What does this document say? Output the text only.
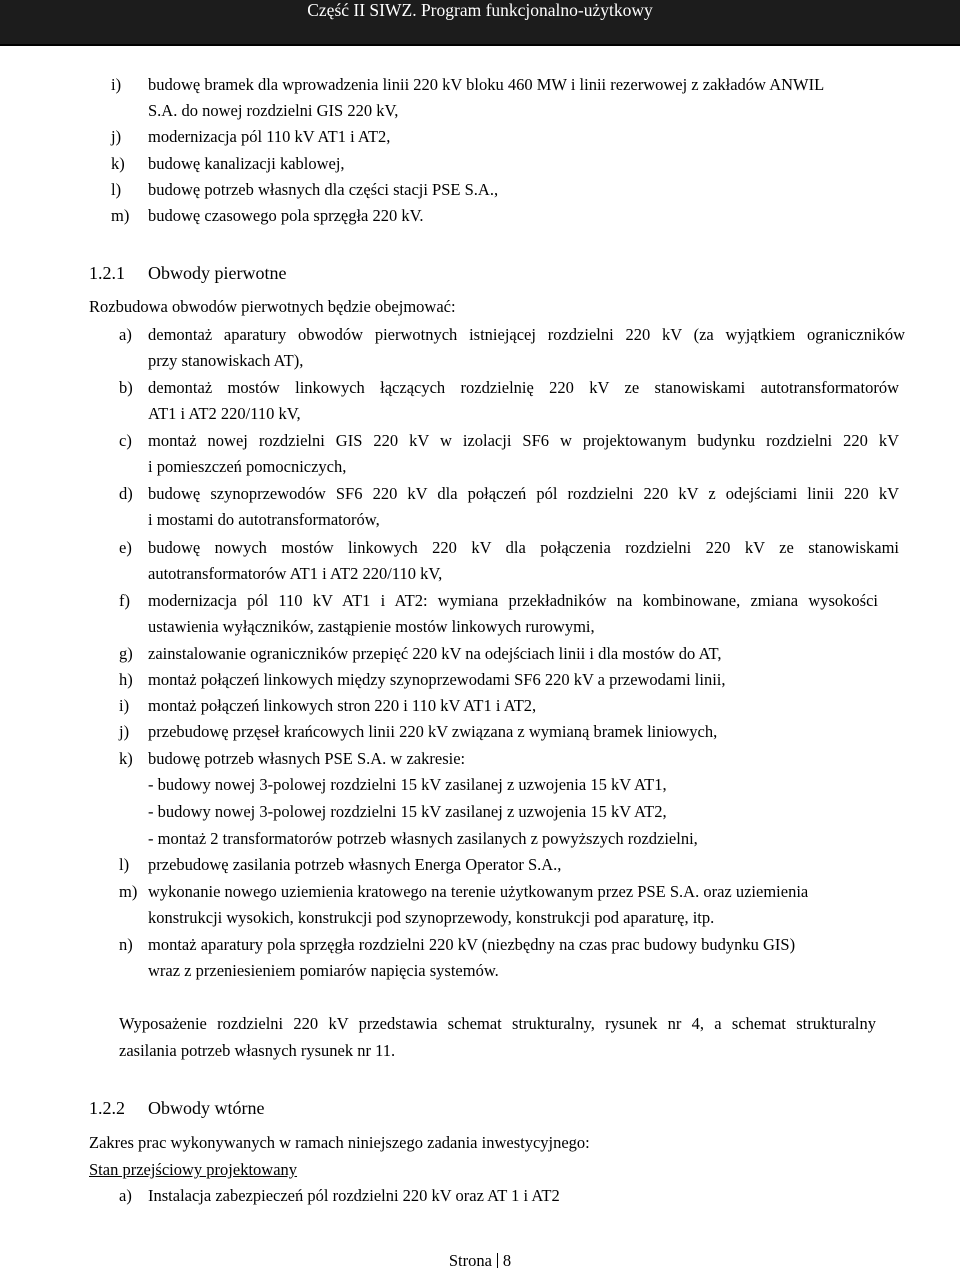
Część II SIWZ. Program funkcjonalno-użytkowy
i) budowę bramek dla wprowadzenia linii 220 kV bloku 460 MW i linii rezerwowej z zakładów ANWIL
S.A. do nowej rozdzielni GIS 220 kV,
j) modernizacja pól 110 kV AT1 i AT2,
k) budowę kanalizacji kablowej,
l) budowę potrzeb własnych dla części stacji PSE S.A.,
m) budowę czasowego pola sprzęgła 220 kV.
1.2.1 Obwody pierwotne
Rozbudowa obwodów pierwotnych będzie obejmować:
a) demontaż aparatury obwodów pierwotnych istniejącej rozdzielni 220 kV (za wyjątkiem ograniczników
przy stanowiskach AT),
b) demontaż mostów linkowych łączących rozdzielnię 220 kV ze stanowiskami autotransformatorów
AT1 i AT2 220/110 kV,
c) montaż nowej rozdzielni GIS 220 kV w izolacji SF6 w projektowanym budynku rozdzielni 220 kV
i pomieszczeń pomocniczych,
d) budowę szynoprzewodów SF6 220 kV dla połączeń pól rozdzielni 220 kV z odejściami linii 220 kV
i mostami do autotransformatorów,
e) budowę nowych mostów linkowych 220 kV dla połączenia rozdzielni 220 kV ze stanowiskami
autotransformatorów AT1 i AT2 220/110 kV,
f) modernizacja pól 110 kV AT1 i AT2: wymiana przekładników na kombinowane, zmiana wysokości
ustawienia wyłączników, zastąpienie mostów linkowych rurowymi,
g) zainstalowanie ograniczników przepięć 220 kV na odejściach linii i dla mostów do AT,
h) montaż połączeń linkowych między szynoprzewodami SF6 220 kV a przewodami linii,
i) montaż połączeń linkowych stron 220 i 110 kV AT1 i AT2,
j) przebudowę przęseł krańcowych linii 220 kV związana z wymianą bramek liniowych,
k) budowę potrzeb własnych PSE S.A. w zakresie:
- budowy nowej 3-polowej rozdzielni 15 kV zasilanej z uzwojenia 15 kV AT1,
- budowy nowej 3-polowej rozdzielni 15 kV zasilanej z uzwojenia 15 kV AT2,
- montaż 2 transformatorów potrzeb własnych zasilanych z powyższych rozdzielni,
l) przebudowę zasilania potrzeb własnych Energa Operator S.A.,
m) wykonanie nowego uziemienia kratowego na terenie użytkowanym przez PSE S.A. oraz uziemienia
konstrukcji wysokich, konstrukcji pod szynoprzewody, konstrukcji pod aparaturę, itp.
n) montaż aparatury pola sprzęgła rozdzielni 220 kV (niezbędny na czas prac budowy budynku GIS)
wraz z przeniesieniem pomiarów napięcia systemów.
Wyposażenie rozdzielni 220 kV przedstawia schemat strukturalny, rysunek nr 4, a schemat strukturalny
zasilania potrzeb własnych rysunek nr 11.
1.2.2 Obwody wtórne
Zakres prac wykonywanych w ramach niniejszego zadania inwestycyjnego:
Stan przejściowy projektowany
a) Instalacja zabezpieczeń pól rozdzielni 220 kV oraz AT 1 i AT2
Strona 8
